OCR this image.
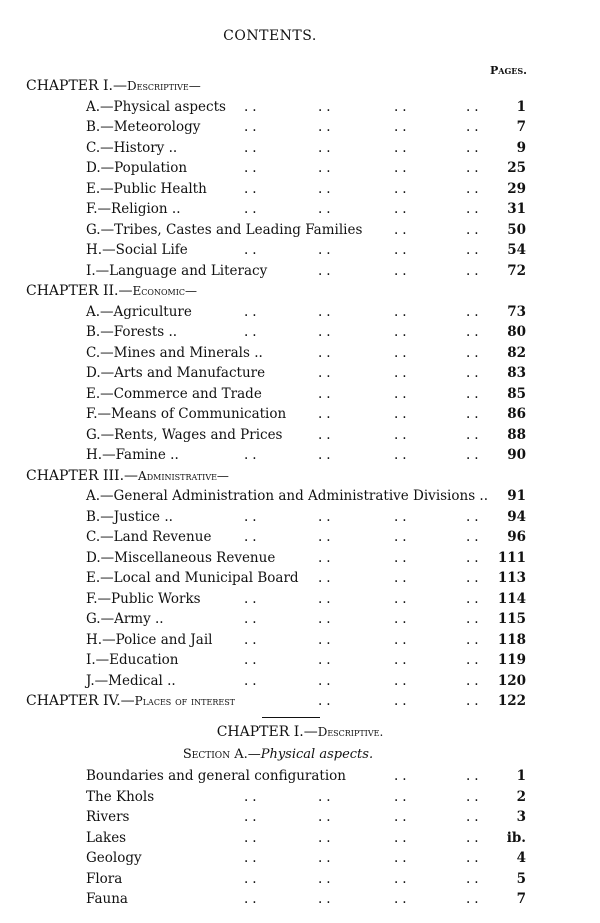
CONTENTS.
Pages.
CHAPTER I.—Descriptive—
..	..	..	..
A.—Physical aspects	1
..	..	..	..
B.—Meteorology	7
..	..	..	..
C.—History ..	9
..	..	..	..
D.—Population	25
..	..	..	..
E.—Public Health	29
..	..	..	..
F.—Religion ..	31
..	..
G.—Tribes, Castes and Leading Families	50
..	..	..	..
H.—Social Life	54
..	..	..
I.—Language and Literacy	72
CHAPTER II.—Economic—
..	..	..	..
A.—Agriculture	73
..	..	..	..
B.—Forests ..	80
..	..	..
C.—Mines and Minerals ..	82
..	..	..
D.—Arts and Manufacture	83
..	..	..
E.—Commerce and Trade	85
..	..	..
F.—Means of Communication	86
..	..	..
G.—Rents, Wages and Prices	88
..	..	..	..
H.—Famine ..	90
CHAPTER III.—Administrative—
A.—General Administration and Administrative Divisions ..	91
..	..	..	..
B.—Justice ..	94
..	..	..	..
C.—Land Revenue	96
..	..	..
D.—Miscellaneous Revenue	111
..	..	..
E.—Local and Municipal Board	113
..	..	..	..
F.—Public Works	114
..	..	..	..
G.—Army ..	115
..	..	..	..
H.—Police and Jail	118
..	..	..	..
I.—Education	119
..	..	..	..
J.—Medical ..	120
..	..	..
CHAPTER IV.—Places of interest	122
CHAPTER I.—Descriptive.
Section A.—Physical aspects.
..	..
Boundaries and general configuration	1
..	..	..	..
The Khols	2
..	..	..	..
Rivers	3
..	..	..	..
Lakes	ib.
..	..	..	..
Geology	4
..	..	..	..
Flora	5
..	..	..	..
Fauna	7
